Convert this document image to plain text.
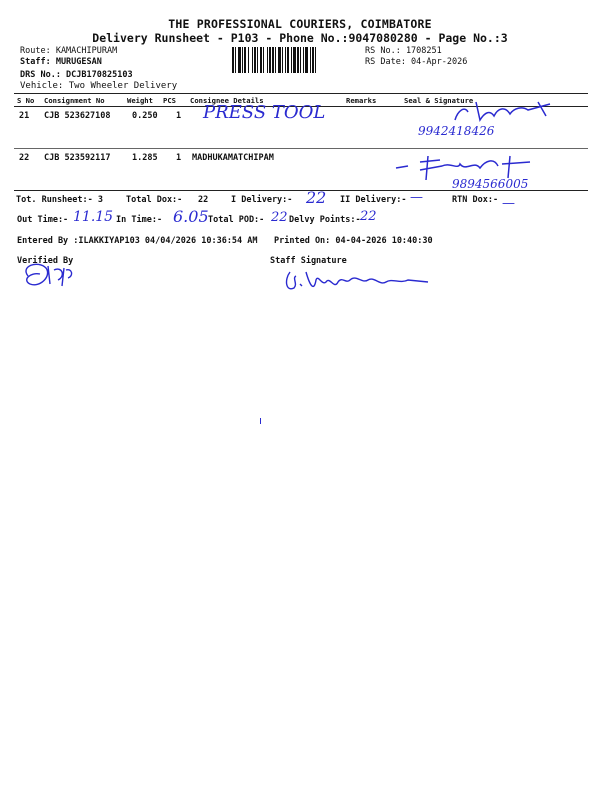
THE PROFESSIONAL COURIERS, COIMBATORE
Delivery Runsheet - P103 - Phone No.:9047080280 - Page No.:3
Route: KAMACHIPURAM
Staff: MURUGESAN
DRS No.: DCJB170825103
Vehicle: Two Wheeler Delivery
RS No.: 1708251
RS Date: 04-Apr-2026
S No Consignment No	Weight PCS Consignee Details	Remarks	Seal & Signature
21 CJB 523627108	0.250 1 PRESS TOOL
9942418426
22 CJB 523592117	1.285 1 MADHUKAMATCHIPAM
9894566005
Tot. Runsheet:- 3	Total Dox:- 22	I Delivery:- 22 II Delivery:- —	RTN Dox:- —
Out Time:- 11.15 In Time:- 6.05 Total POD:- 22 Delvy Points:- 22
Entered By :ILAKKIYAP103 04/04/2026 10:36:54 AM Printed On: 04-04-2026 10:40:30
Verified By	Staff Signature
